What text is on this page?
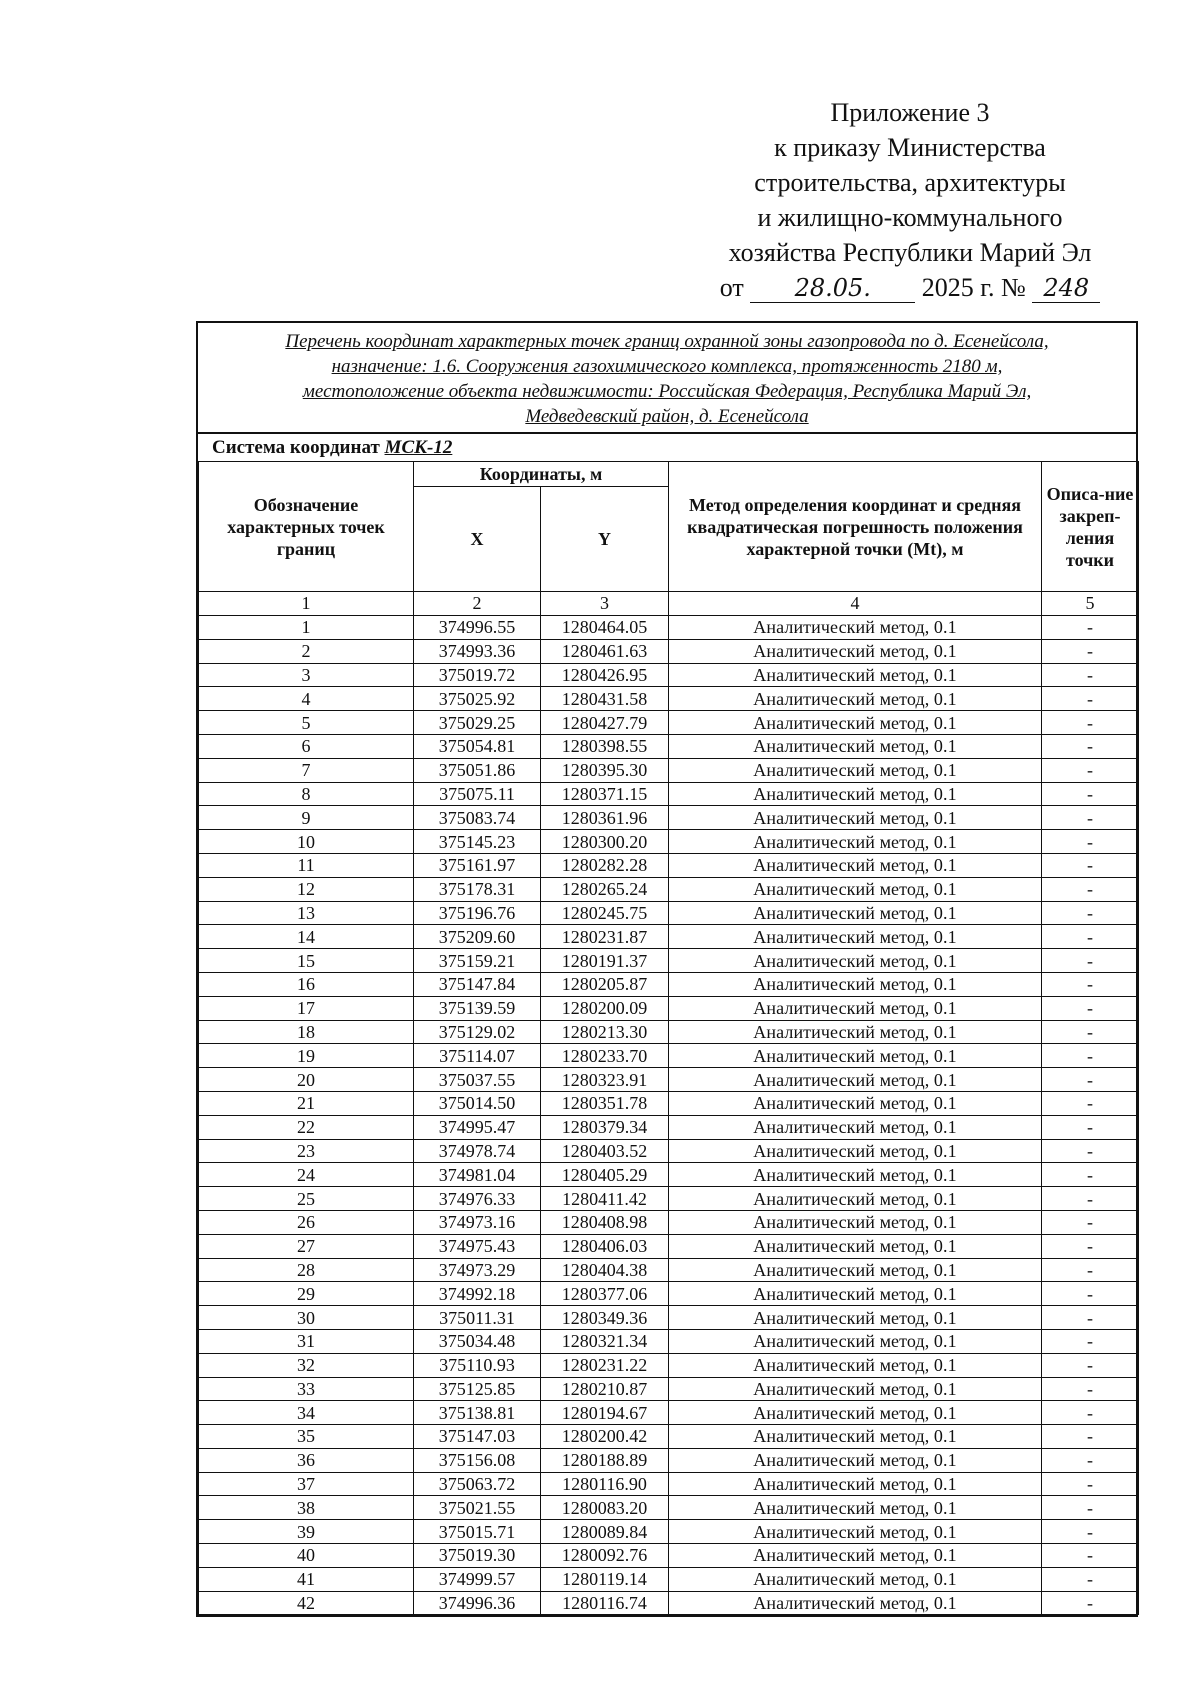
Приложение 3
к приказу Министерства
строительства, архитектуры
и жилищно-коммунального
хозяйства Республики Марий Эл
от 28.05. 2025 г. № 248
Перечень координат характерных точек границ охранной зоны газопровода по д. Есенейсола,
назначение: 1.6. Сооружения газохимического комплекса, протяженность 2180 м,
местоположение объекта недвижимости: Российская Федерация, Республика Марий Эл,
Медведевский район, д. Есенейсола
Система координат МСК-12
Обозначение характерных точек границ	Координаты, м		Метод определения координат и средняя квадратическая погрешность положения характерной точки (Mt), м	Описа-ние закреп-ления точки
	X	Y		
1	2	3	4	5
1	374996.55	1280464.05	Аналитический метод, 0.1	-
2	374993.36	1280461.63	Аналитический метод, 0.1	-
3	375019.72	1280426.95	Аналитический метод, 0.1	-
4	375025.92	1280431.58	Аналитический метод, 0.1	-
5	375029.25	1280427.79	Аналитический метод, 0.1	-
6	375054.81	1280398.55	Аналитический метод, 0.1	-
7	375051.86	1280395.30	Аналитический метод, 0.1	-
8	375075.11	1280371.15	Аналитический метод, 0.1	-
9	375083.74	1280361.96	Аналитический метод, 0.1	-
10	375145.23	1280300.20	Аналитический метод, 0.1	-
11	375161.97	1280282.28	Аналитический метод, 0.1	-
12	375178.31	1280265.24	Аналитический метод, 0.1	-
13	375196.76	1280245.75	Аналитический метод, 0.1	-
14	375209.60	1280231.87	Аналитический метод, 0.1	-
15	375159.21	1280191.37	Аналитический метод, 0.1	-
16	375147.84	1280205.87	Аналитический метод, 0.1	-
17	375139.59	1280200.09	Аналитический метод, 0.1	-
18	375129.02	1280213.30	Аналитический метод, 0.1	-
19	375114.07	1280233.70	Аналитический метод, 0.1	-
20	375037.55	1280323.91	Аналитический метод, 0.1	-
21	375014.50	1280351.78	Аналитический метод, 0.1	-
22	374995.47	1280379.34	Аналитический метод, 0.1	-
23	374978.74	1280403.52	Аналитический метод, 0.1	-
24	374981.04	1280405.29	Аналитический метод, 0.1	-
25	374976.33	1280411.42	Аналитический метод, 0.1	-
26	374973.16	1280408.98	Аналитический метод, 0.1	-
27	374975.43	1280406.03	Аналитический метод, 0.1	-
28	374973.29	1280404.38	Аналитический метод, 0.1	-
29	374992.18	1280377.06	Аналитический метод, 0.1	-
30	375011.31	1280349.36	Аналитический метод, 0.1	-
31	375034.48	1280321.34	Аналитический метод, 0.1	-
32	375110.93	1280231.22	Аналитический метод, 0.1	-
33	375125.85	1280210.87	Аналитический метод, 0.1	-
34	375138.81	1280194.67	Аналитический метод, 0.1	-
35	375147.03	1280200.42	Аналитический метод, 0.1	-
36	375156.08	1280188.89	Аналитический метод, 0.1	-
37	375063.72	1280116.90	Аналитический метод, 0.1	-
38	375021.55	1280083.20	Аналитический метод, 0.1	-
39	375015.71	1280089.84	Аналитический метод, 0.1	-
40	375019.30	1280092.76	Аналитический метод, 0.1	-
41	374999.57	1280119.14	Аналитический метод, 0.1	-
42	374996.36	1280116.74	Аналитический метод, 0.1	-
